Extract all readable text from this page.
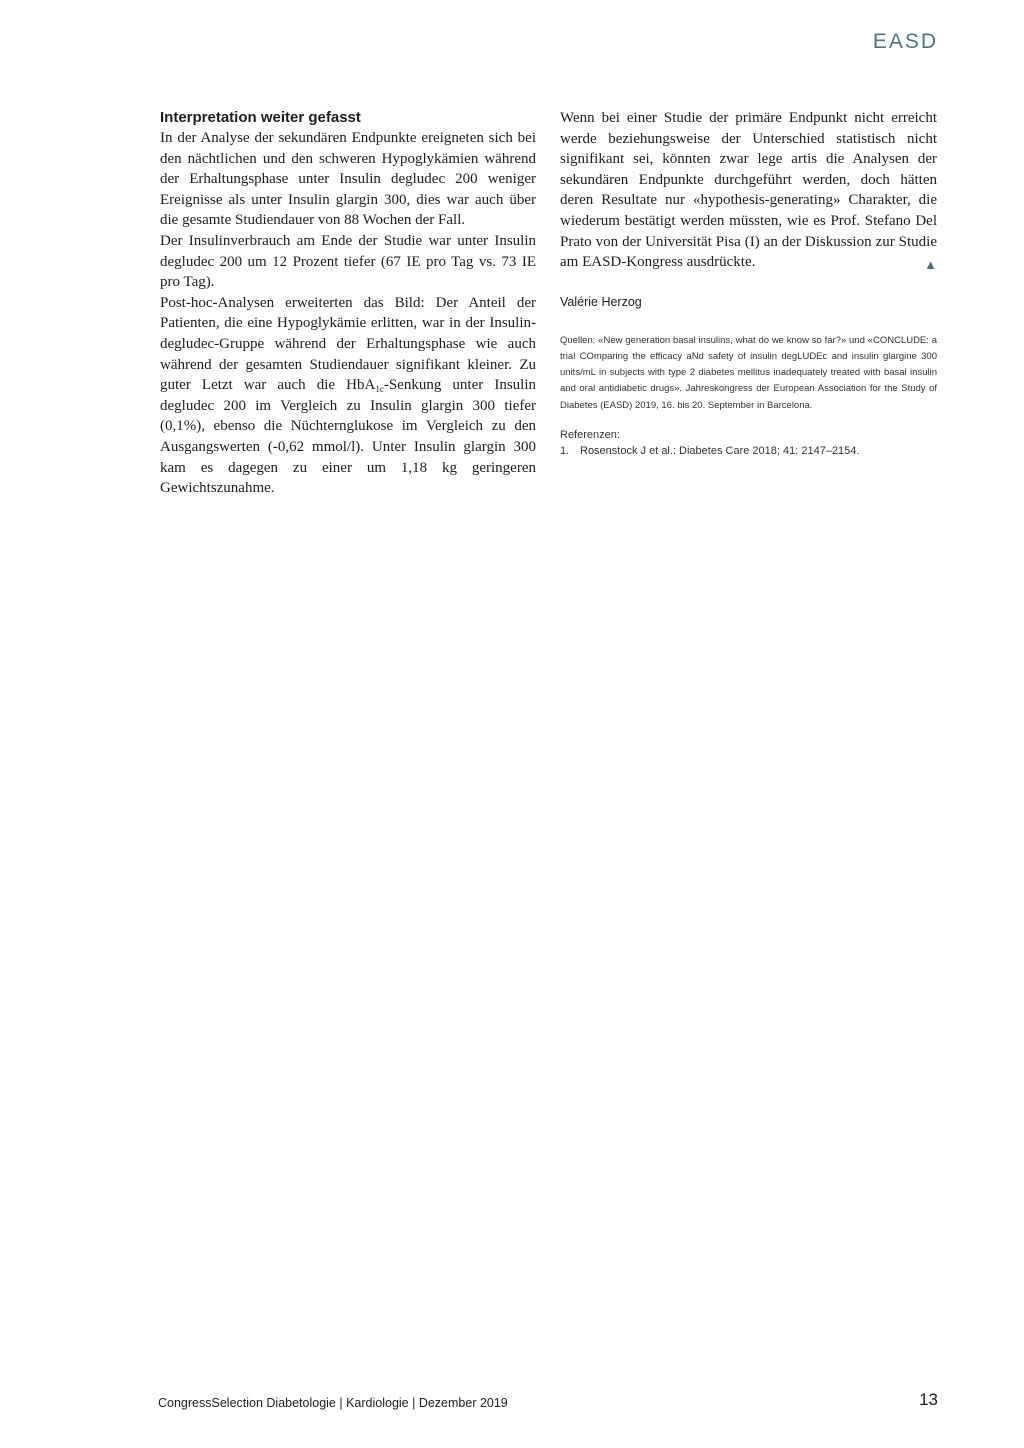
EASD
Interpretation weiter gefasst

In der Analyse der sekundären Endpunkte ereigneten sich bei den nächtlichen und den schweren Hypoglykämien während der Erhaltungsphase unter Insulin degludec 200 weniger Ereignisse als unter Insulin glargin 300, dies war auch über die gesamte Studiendauer von 88 Wochen der Fall.

Der Insulinverbrauch am Ende der Studie war unter Insulin degludec 200 um 12 Prozent tiefer (67 IE pro Tag vs. 73 IE pro Tag).

Post-hoc-Analysen erweiterten das Bild: Der Anteil der Patienten, die eine Hypoglykämie erlitten, war in der Insulin-degludec-Gruppe während der Erhaltungsphase wie auch während der gesamten Studiendauer signifikant kleiner. Zu guter Letzt war auch die HbA$_{1c}$-Senkung unter Insulin degludec 200 im Vergleich zu Insulin glargin 300 tiefer (0,1%), ebenso die Nüchternglukose im Vergleich zu den Ausgangswerten (-0,62 mmol/l). Unter Insulin glargin 300 kam es dagegen zu einer um 1,18 kg geringeren Gewichtszunahme.

Wenn bei einer Studie der primäre Endpunkt nicht erreicht werde beziehungsweise der Unterschied statistisch nicht signifikant sei, könnten zwar lege artis die Analysen der sekundären Endpunkte durchgeführt werden, doch hätten deren Resultate nur «hypothesis-generating» Charakter, die wiederum bestätigt werden müssten, wie es Prof. Stefano Del Prato von der Universität Pisa (I) an der Diskussion zur Studie am EASD-Kongress ausdrückte.	▲

Valérie Herzog

Quellen: «New generation basal insulins, what do we know so far?» und «CONCLUDE: a trial COmparing the efficacy aNd safety of insulin degLUDEc and insulin glargine 300 units/mL in subjects with type 2 diabetes mellitus inadequately treated with basal insulin and oral antidiabetic drugs». Jahreskongress der European Association for the Study of Diabetes (EASD) 2019, 16. bis 20. September in Barcelona.

Referenzen:

1. Rosenstock J et al.: Diabetes Care 2018; 41: 2147–2154.
CongressSelection Diabetologie | Kardiologie | Dezember 2019	13
